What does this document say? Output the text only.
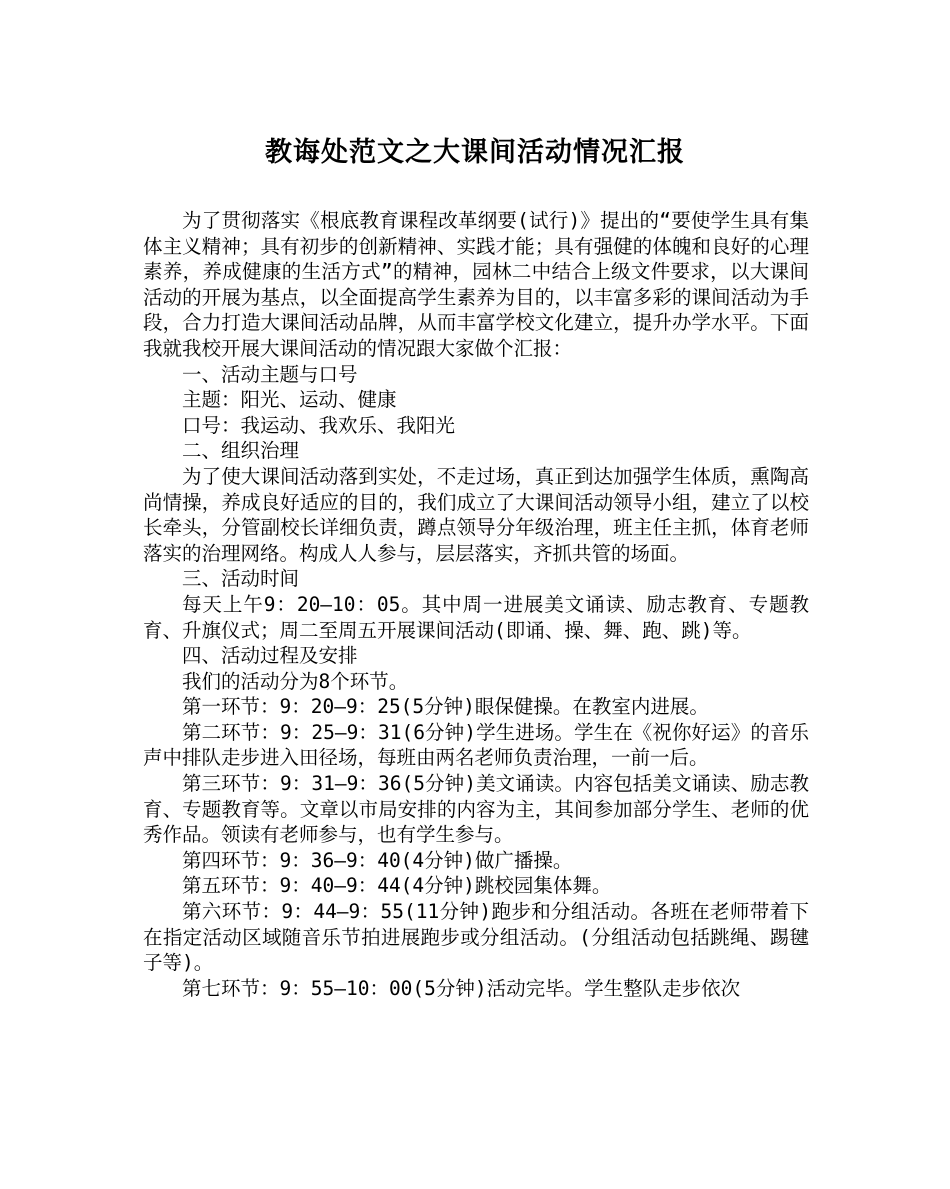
教诲处范文之大课间活动情况汇报

为了贯彻落实《根底教育课程改革纲要(试行)》提出的“要使学生具有集体主义精神；具有初步的创新精神、实践才能；具有强健的体魄和良好的心理素养，养成健康的生活方式”的精神，园林二中结合上级文件要求，以大课间活动的开展为基点，以全面提高学生素养为目的，以丰富多彩的课间活动为手段，合力打造大课间活动品牌，从而丰富学校文化建立，提升办学水平。下面我就我校开展大课间活动的情况跟大家做个汇报：

一、活动主题与口号

主题：阳光、运动、健康

口号：我运动、我欢乐、我阳光

二、组织治理

为了使大课间活动落到实处，不走过场，真正到达加强学生体质，熏陶高尚情操，养成良好适应的目的，我们成立了大课间活动领导小组，建立了以校长牵头，分管副校长详细负责，蹲点领导分年级治理，班主任主抓，体育老师落实的治理网络。构成人人参与，层层落实，齐抓共管的场面。

三、活动时间

每天上午9：20—10：05。其中周一进展美文诵读、励志教育、专题教育、升旗仪式；周二至周五开展课间活动(即诵、操、舞、跑、跳)等。

四、活动过程及安排

我们的活动分为8个环节。

第一环节：9：20—9：25(5分钟)眼保健操。在教室内进展。

第二环节：9：25—9：31(6分钟)学生进场。学生在《祝你好运》的音乐声中排队走步进入田径场，每班由两名老师负责治理，一前一后。

第三环节：9：31—9：36(5分钟)美文诵读。内容包括美文诵读、励志教育、专题教育等。文章以市局安排的内容为主，其间参加部分学生、老师的优秀作品。领读有老师参与，也有学生参与。

第四环节：9：36—9：40(4分钟)做广播操。

第五环节：9：40—9：44(4分钟)跳校园集体舞。

第六环节：9：44—9：55(11分钟)跑步和分组活动。各班在老师带着下在指定活动区域随音乐节拍进展跑步或分组活动。(分组活动包括跳绳、踢毽子等)。

第七环节：9：55—10：00(5分钟)活动完毕。学生整队走步依次
